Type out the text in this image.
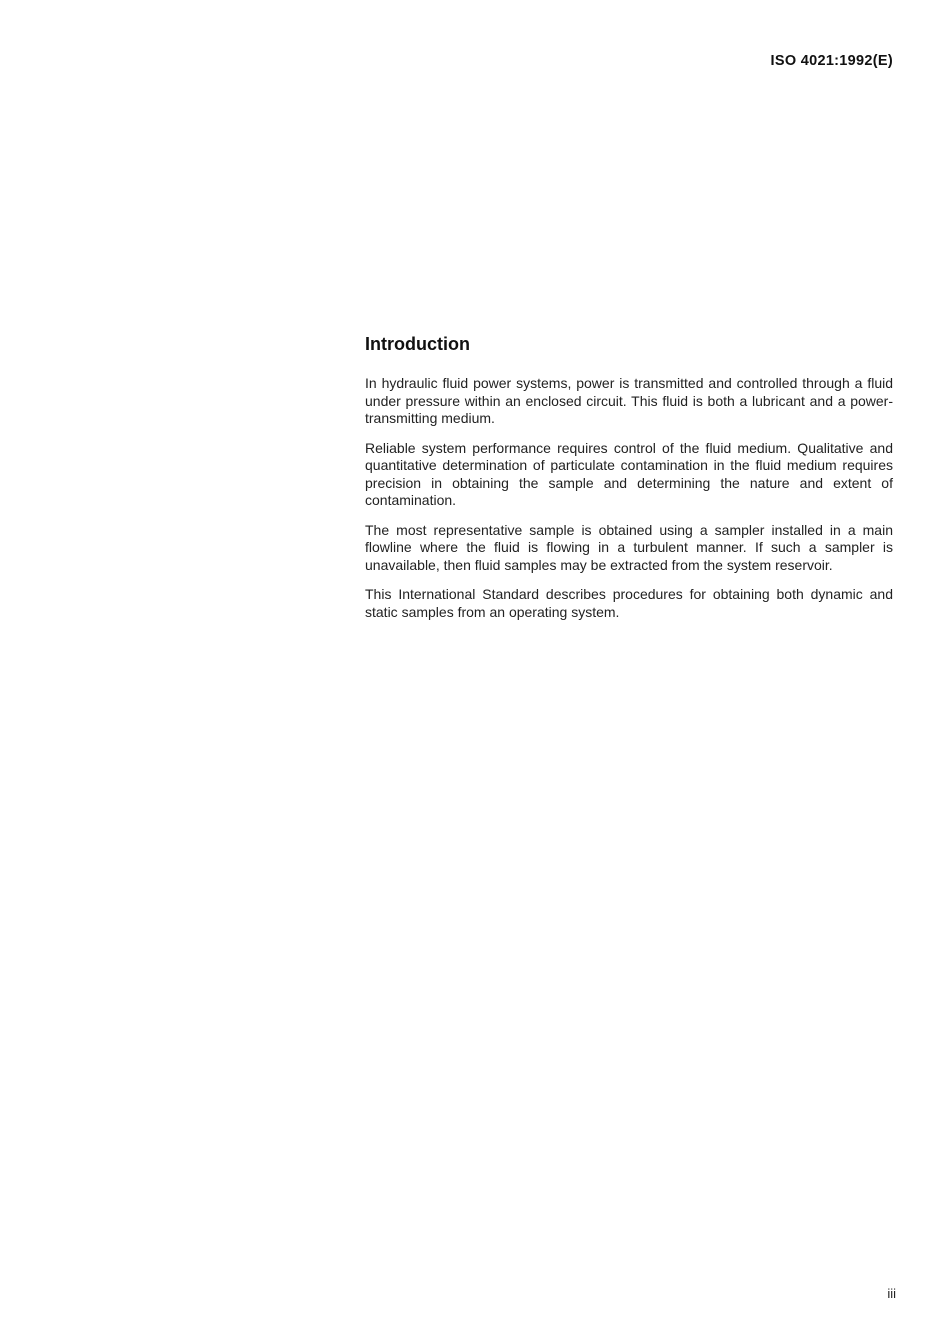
ISO 4021:1992(E)
Introduction

In hydraulic fluid power systems, power is transmitted and controlled through a fluid under pressure within an enclosed circuit. This fluid is both a lubricant and a power-transmitting medium.

Reliable system performance requires control of the fluid medium. Qualitative and quantitative determination of particulate contamination in the fluid medium requires precision in obtaining the sample and determining the nature and extent of contamination.

The most representative sample is obtained using a sampler installed in a main flowline where the fluid is flowing in a turbulent manner. If such a sampler is unavailable, then fluid samples may be extracted from the system reservoir.

This International Standard describes procedures for obtaining both dynamic and static samples from an operating system.

iii
